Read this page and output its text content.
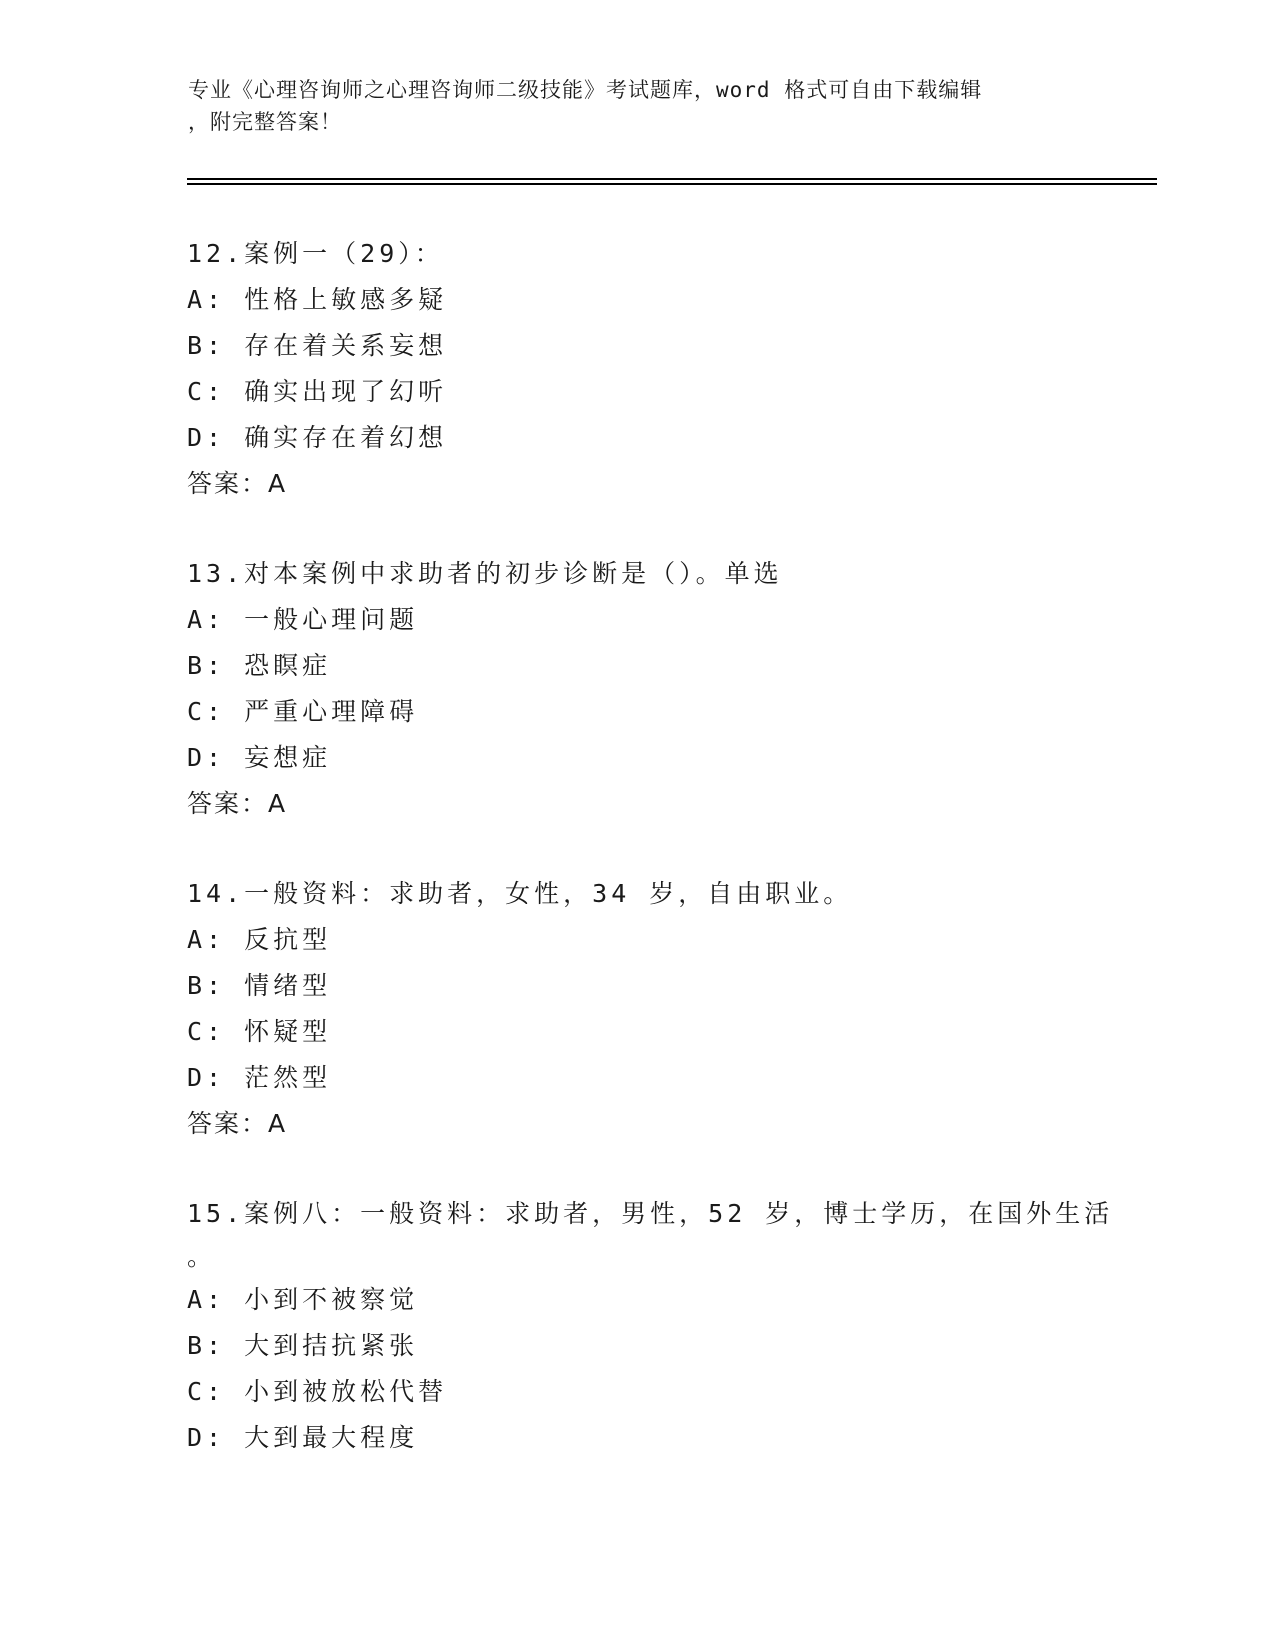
专业《心理咨询师之心理咨询师二级技能》考试题库，word 格式可自由下载编辑
，附完整答案！
12.案例一（29）：
A: 性格上敏感多疑
B: 存在着关系妄想
C: 确实出现了幻听
D: 确实存在着幻想
答案：A
13.对本案例中求助者的初步诊断是（）。单选
A: 一般心理问题
B: 恐瞑症
C: 严重心理障碍
D: 妄想症
答案：A
14.一般资料：求助者，女性，34 岁，自由职业。
A: 反抗型
B: 情绪型
C: 怀疑型
D: 茫然型
答案：A
15.案例八：一般资料：求助者，男性，52 岁，博士学历，在国外生活
。
A: 小到不被察觉
B: 大到拮抗紧张
C: 小到被放松代替
D: 大到最大程度
